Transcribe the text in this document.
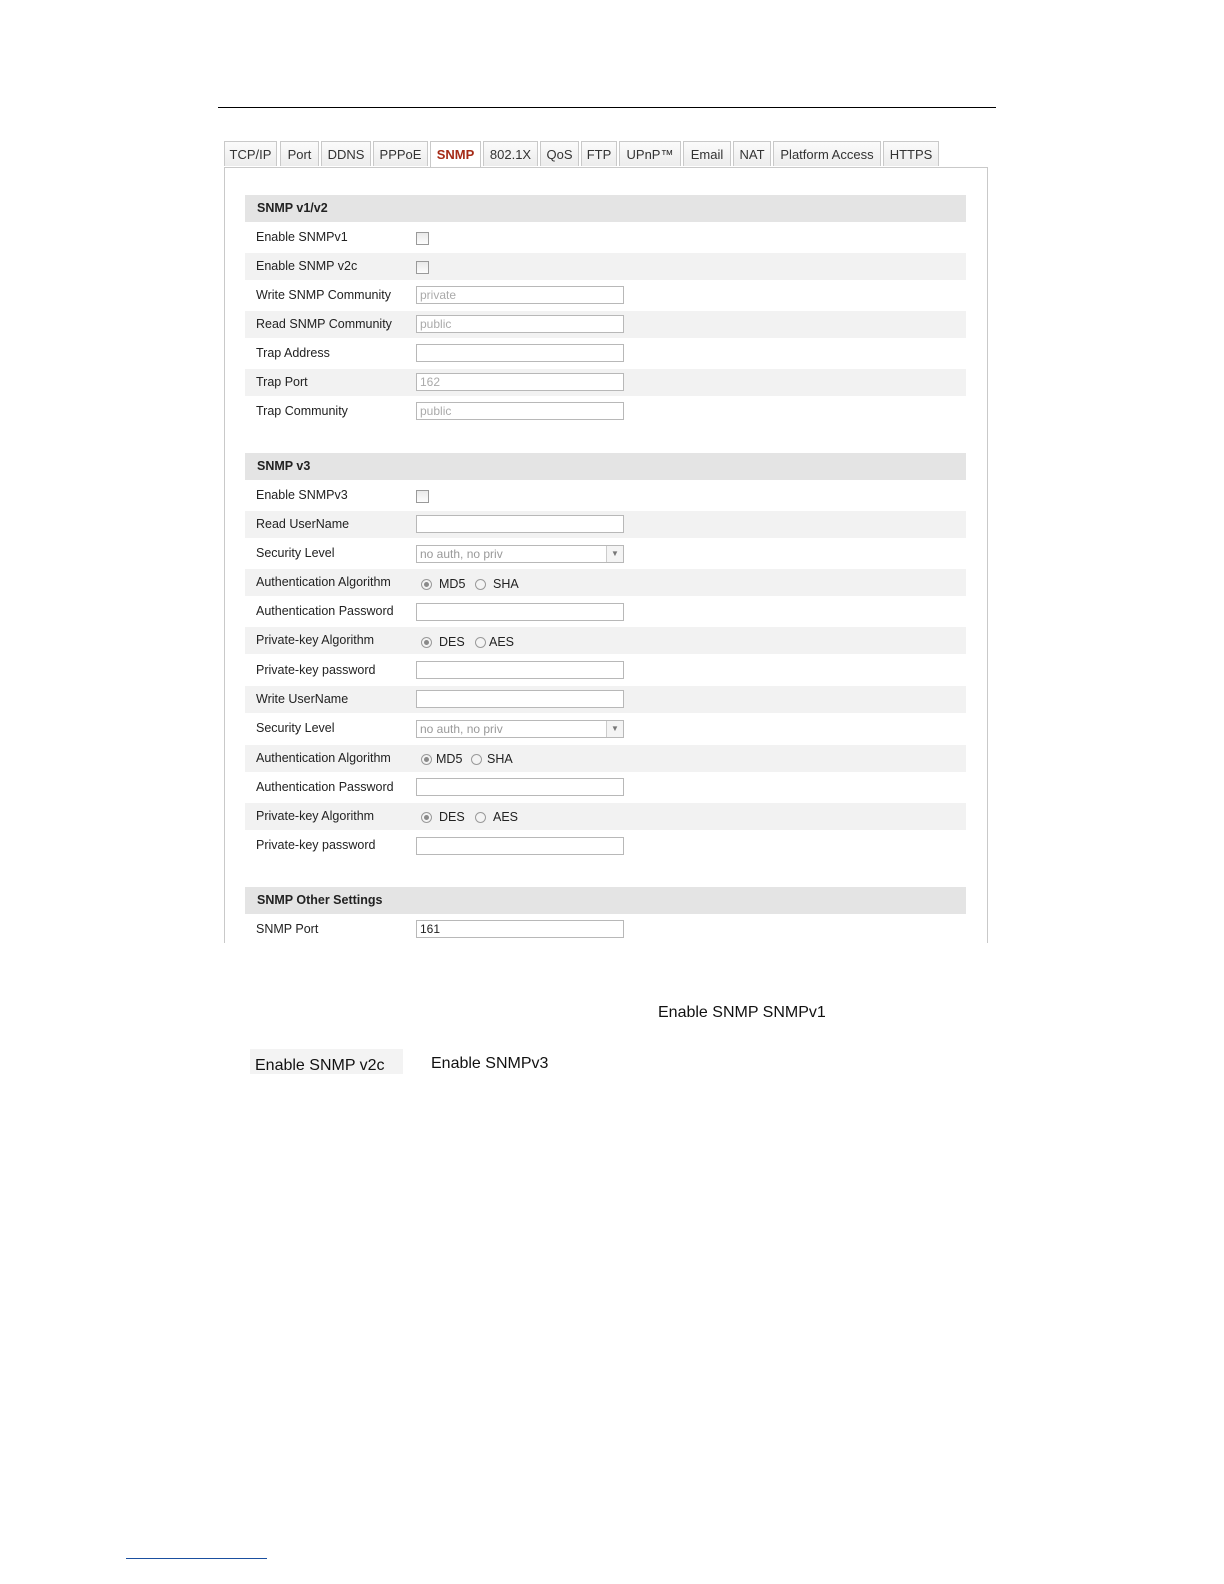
TCP/IP	Port	DDNS	PPPoE	SNMP	802.1X	QoS	FTP	UPnP™	Email	NAT	Platform Access	HTTPS
SNMP v1/v2
Enable SNMPv1
Enable SNMP v2c
Write SNMP Community	private
Read SNMP Community	public
Trap Address
Trap Port	162
Trap Community	public
SNMP v3
Enable SNMPv3
Read UserName
Security Level	no auth, no priv	▼
Authentication Algorithm	MD5 SHA
Authentication Password
Private-key Algorithm	DES AES
Private-key password
Write UserName
Security Level	no auth, no priv	▼
Authentication Algorithm	MD5 SHA
Authentication Password
Private-key Algorithm	DES AES
Private-key password
SNMP Other Settings
SNMP Port	161
Enable SNMP SNMPv1
Enable SNMP v2c	Enable SNMPv3
